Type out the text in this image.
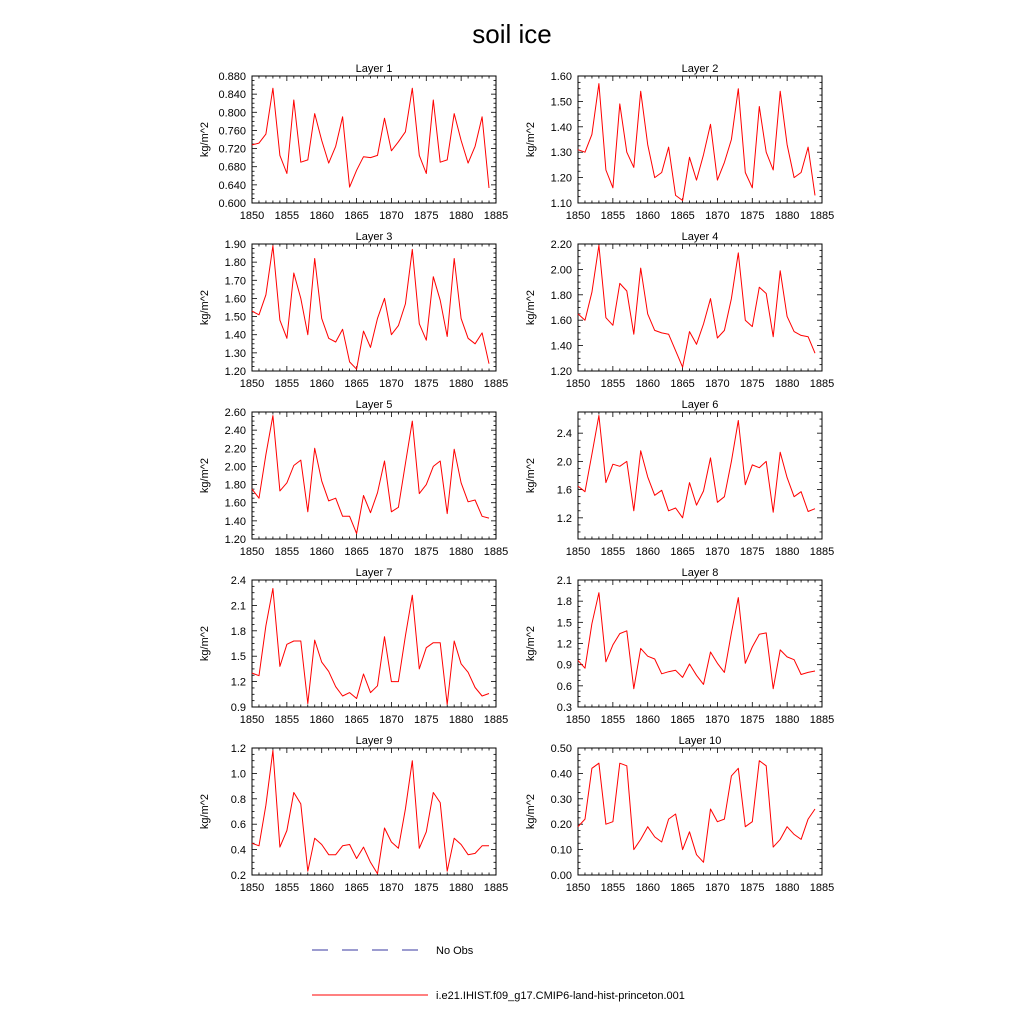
soil ice
Layer 1
kg/m^2
1850 1855 1860 1865 1870 1875 1880 1885
0.600
0.640
0.680
0.720
0.760
0.800
0.840
0.880
Layer 2
kg/m^2
1850 1855 1860 1865 1870 1875 1880 1885
1.10
1.20
1.30
1.40
1.50
1.60
Layer 3
kg/m^2
1850 1855 1860 1865 1870 1875 1880 1885
1.20
1.30
1.40
1.50
1.60
1.70
1.80
1.90
Layer 4
kg/m^2
1850 1855 1860 1865 1870 1875 1880 1885
1.20
1.40
1.60
1.80
2.00
2.20
Layer 5
kg/m^2
1850 1855 1860 1865 1870 1875 1880 1885
1.20
1.40
1.60
1.80
2.00
2.20
2.40
2.60
Layer 6
kg/m^2
1850 1855 1860 1865 1870 1875 1880 1885
1.2
1.6
2.0
2.4
Layer 7
kg/m^2
1850 1855 1860 1865 1870 1875 1880 1885
0.9
1.2
1.5
1.8
2.1
2.4
Layer 8
kg/m^2
1850 1855 1860 1865 1870 1875 1880 1885
0.3
0.6
0.9
1.2
1.5
1.8
2.1
Layer 9
kg/m^2
1850 1855 1860 1865 1870 1875 1880 1885
0.2
0.4
0.6
0.8
1.0
1.2
Layer 10
kg/m^2
1850 1855 1860 1865 1870 1875 1880 1885
0.00
0.10
0.20
0.30
0.40
0.50
No Obs
i.e21.IHIST.f09_g17.CMIP6-land-hist-princeton.001
